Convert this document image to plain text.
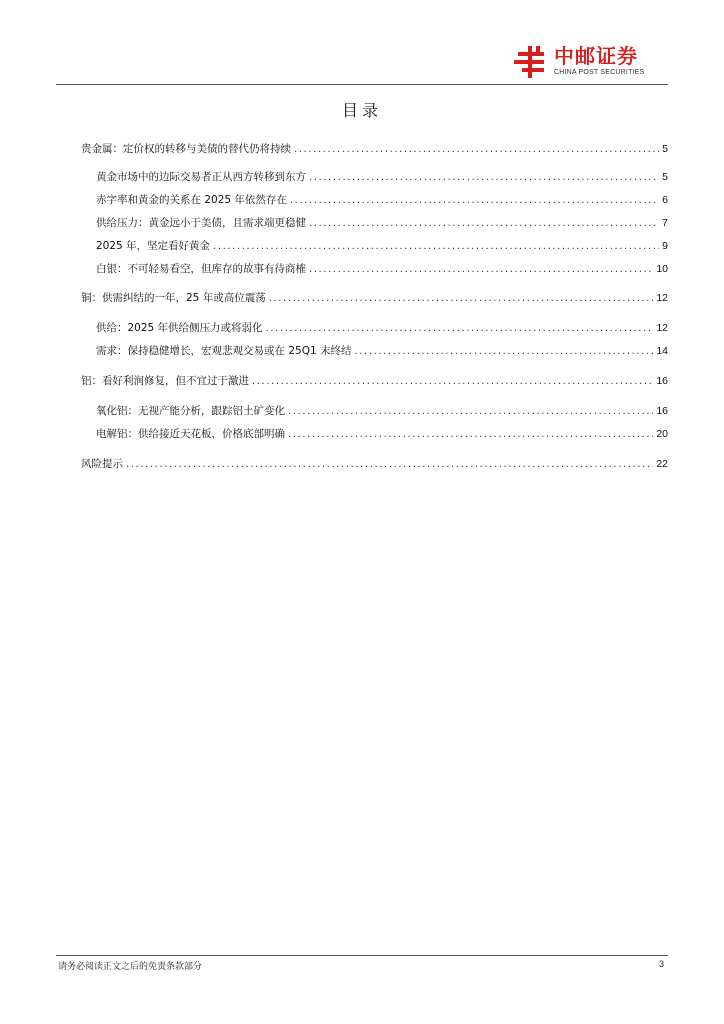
中邮证券
CHINA POST SECURITIES
目录
贵金属：定价权的转移与美债的替代仍将持续 .....	5
黄金市场中的边际交易者正从西方转移到东方 .....	5
赤字率和黄金的关系在 2025 年依然存在 .....	6
供给压力：黄金远小于美债，且需求端更稳健 .....	7
2025 年，坚定看好黄金 .....	9
白银：不可轻易看空，但库存的故事有待商榷 .....	10
铜：供需纠结的一年，25 年或高位震荡 .....	12
供给：2025 年供给侧压力或将弱化 .....	12
需求：保持稳健增长，宏观悲观交易或在 25Q1 末终结 .....	14
铝：看好利润修复，但不宜过于激进 .....	16
氧化铝：无视产能分析，跟踪铝土矿变化 .....	16
电解铝：供给接近天花板，价格底部明确 .....	20
风险提示 .....	22
请务必阅读正文之后的免责条款部分	3
